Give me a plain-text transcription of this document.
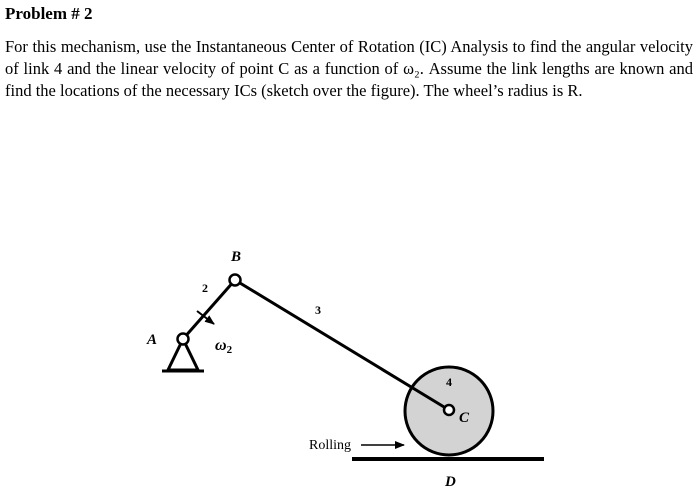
Problem # 2

For this mechanism, use the Instantaneous Center of Rotation (IC) Analysis to find the angular velocity of link 4 and the linear velocity of point C as a function of ω₂. Assume the link lengths are known and find the locations of the necessary ICs (sketch over the figure). The wheel’s radius is R.

A
B
C
D
2
3
4
ω2
Rolling
